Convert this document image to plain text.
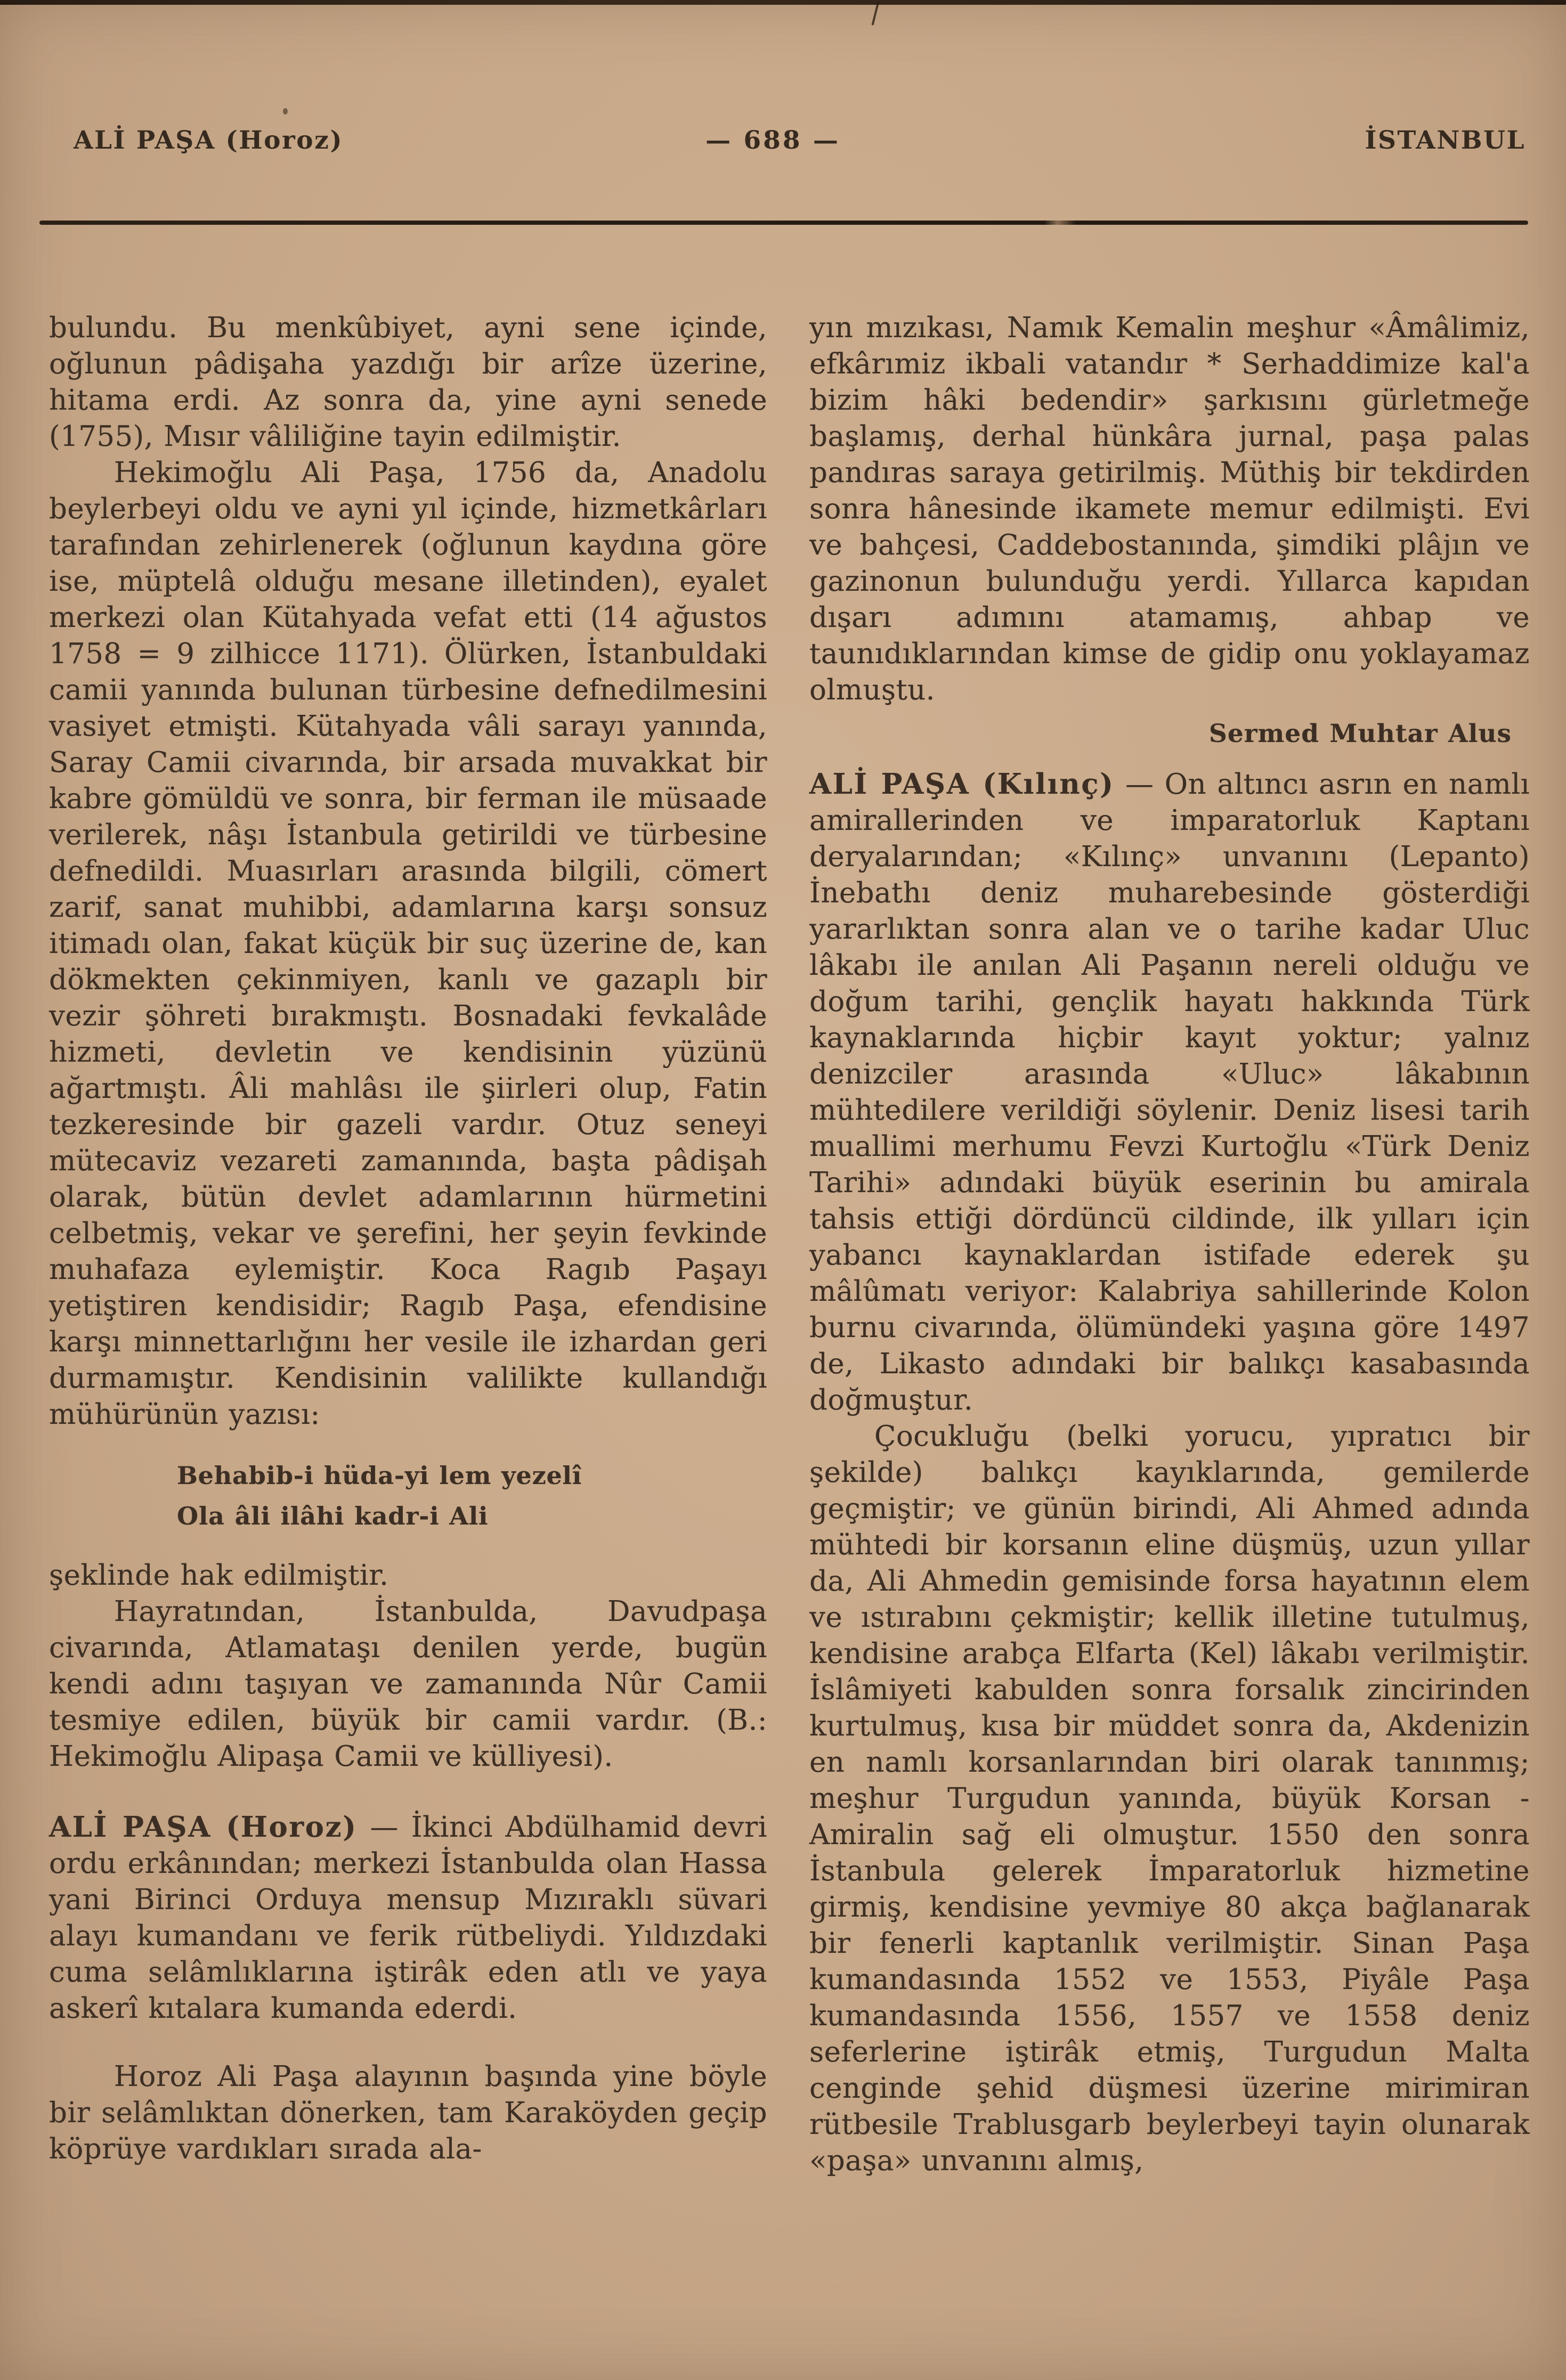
ALİ PAŞA (Horoz)	— 688 —	İSTANBUL

bulundu. Bu menkûbiyet, ayni sene içinde, oğlunun pâdişaha yazdığı bir arîze üzerine, hitama erdi. Az sonra da, yine ayni senede (1755), Mısır vâliliğine tayin edilmiştir.

Hekimoğlu Ali Paşa, 1756 da, Anadolu beylerbeyi oldu ve ayni yıl içinde, hizmetkârları tarafından zehirlenerek (oğlunun kaydına göre ise, müptelâ olduğu mesane illetinden), eyalet merkezi olan Kütahyada vefat etti (14 ağustos 1758 = 9 zilhicce 1171). Ölürken, İstanbuldaki camii yanında bulunan türbesine defnedilmesini vasiyet etmişti. Kütahyada vâli sarayı yanında, Saray Camii civarında, bir arsada muvakkat bir kabre gömüldü ve sonra, bir ferman ile müsaade verilerek, nâşı İstanbula getirildi ve türbesine defnedildi. Muasırları arasında bilgili, cömert zarif, sanat muhibbi, adamlarına karşı sonsuz itimadı olan, fakat küçük bir suç üzerine de, kan dökmekten çekinmiyen, kanlı ve gazaplı bir vezir şöhreti bırakmıştı. Bosnadaki fevkalâde hizmeti, devletin ve kendisinin yüzünü ağartmıştı. Âli mahlâsı ile şiirleri olup, Fatin tezkeresinde bir gazeli vardır. Otuz seneyi mütecaviz vezareti zamanında, başta pâdişah olarak, bütün devlet adamlarının hürmetini celbetmiş, vekar ve şerefini, her şeyin fevkinde muhafaza eylemiştir. Koca Ragıb Paşayı yetiştiren kendisidir; Ragıb Paşa, efendisine karşı minnettarlığını her vesile ile izhardan geri durmamıştır. Kendisinin valilikte kullandığı mühürünün yazısı:

Behabib-i hüda-yi lem yezelî
Ola âli ilâhi kadr-i Ali

şeklinde hak edilmiştir.

Hayratından, İstanbulda, Davudpaşa civarında, Atlamataşı denilen yerde, bugün kendi adını taşıyan ve zamanında Nûr Camii tesmiye edilen, büyük bir camii vardır. (B.: Hekimoğlu Alipaşa Camii ve külliyesi).

ALİ PAŞA (Horoz) — İkinci Abdülhamid devri ordu erkânından; merkezi İstanbulda olan Hassa yani Birinci Orduya mensup Mızıraklı süvari alayı kumandanı ve ferik rütbeliydi. Yıldızdaki cuma selâmlıklarına iştirâk eden atlı ve yaya askerî kıtalara kumanda ederdi.

Horoz Ali Paşa alayının başında yine böyle bir selâmlıktan dönerken, tam Karaköyden geçip köprüye vardıkları sırada ala-

yın mızıkası, Namık Kemalin meşhur «Âmâlimiz, efkârımiz ikbali vatandır * Serhaddimize kal'a bizim hâki bedendir» şarkısını gürletmeğe başlamış, derhal hünkâra jurnal, paşa palas pandıras saraya getirilmiş. Müthiş bir tekdirden sonra hânesinde ikamete memur edilmişti. Evi ve bahçesi, Caddebostanında, şimdiki plâjın ve gazinonun bulunduğu yerdi. Yıllarca kapıdan dışarı adımını atamamış, ahbap ve taunıdıklarından kimse de gidip onu yoklayamaz olmuştu.

Sermed Muhtar Alus

ALİ PAŞA (Kılınç) — On altıncı asrın en namlı amirallerinden ve imparatorluk Kaptanı deryalarından; «Kılınç» unvanını (Lepanto) İnebathı deniz muharebesinde gösterdiği yararlıktan sonra alan ve o tarihe kadar Uluc lâkabı ile anılan Ali Paşanın nereli olduğu ve doğum tarihi, gençlik hayatı hakkında Türk kaynaklarında hiçbir kayıt yoktur; yalnız denizciler arasında «Uluc» lâkabının mühtedilere verildiği söylenir. Deniz lisesi tarih muallimi merhumu Fevzi Kurtoğlu «Türk Deniz Tarihi» adındaki büyük eserinin bu amirala tahsis ettiği dördüncü cildinde, ilk yılları için yabancı kaynaklardan istifade ederek şu mâlûmatı veriyor: Kalabriya sahillerinde Kolon burnu civarında, ölümündeki yaşına göre 1497 de, Likasto adındaki bir balıkçı kasabasında doğmuştur.

Çocukluğu (belki yorucu, yıpratıcı bir şekilde) balıkçı kayıklarında, gemilerde geçmiştir; ve günün birindi, Ali Ahmed adında mühtedi bir korsanın eline düşmüş, uzun yıllar da, Ali Ahmedin gemisinde forsa hayatının elem ve ıstırabını çekmiştir; kellik illetine tutulmuş, kendisine arabça Elfarta (Kel) lâkabı verilmiştir. İslâmiyeti kabulden sonra forsalık zincirinden kurtulmuş, kısa bir müddet sonra da, Akdenizin en namlı korsanlarından biri olarak tanınmış; meşhur Turgudun yanında, büyük Korsan - Amiralin sağ eli olmuştur. 1550 den sonra İstanbula gelerek İmparatorluk hizmetine girmiş, kendisine yevmiye 80 akça bağlanarak bir fenerli kaptanlık verilmiştir. Sinan Paşa kumandasında 1552 ve 1553, Piyâle Paşa kumandasında 1556, 1557 ve 1558 deniz seferlerine iştirâk etmiş, Turgudun Malta cenginde şehid düşmesi üzerine mirimiran rütbesile Trablusgarb beylerbeyi tayin olunarak «paşa» unvanını almış,
